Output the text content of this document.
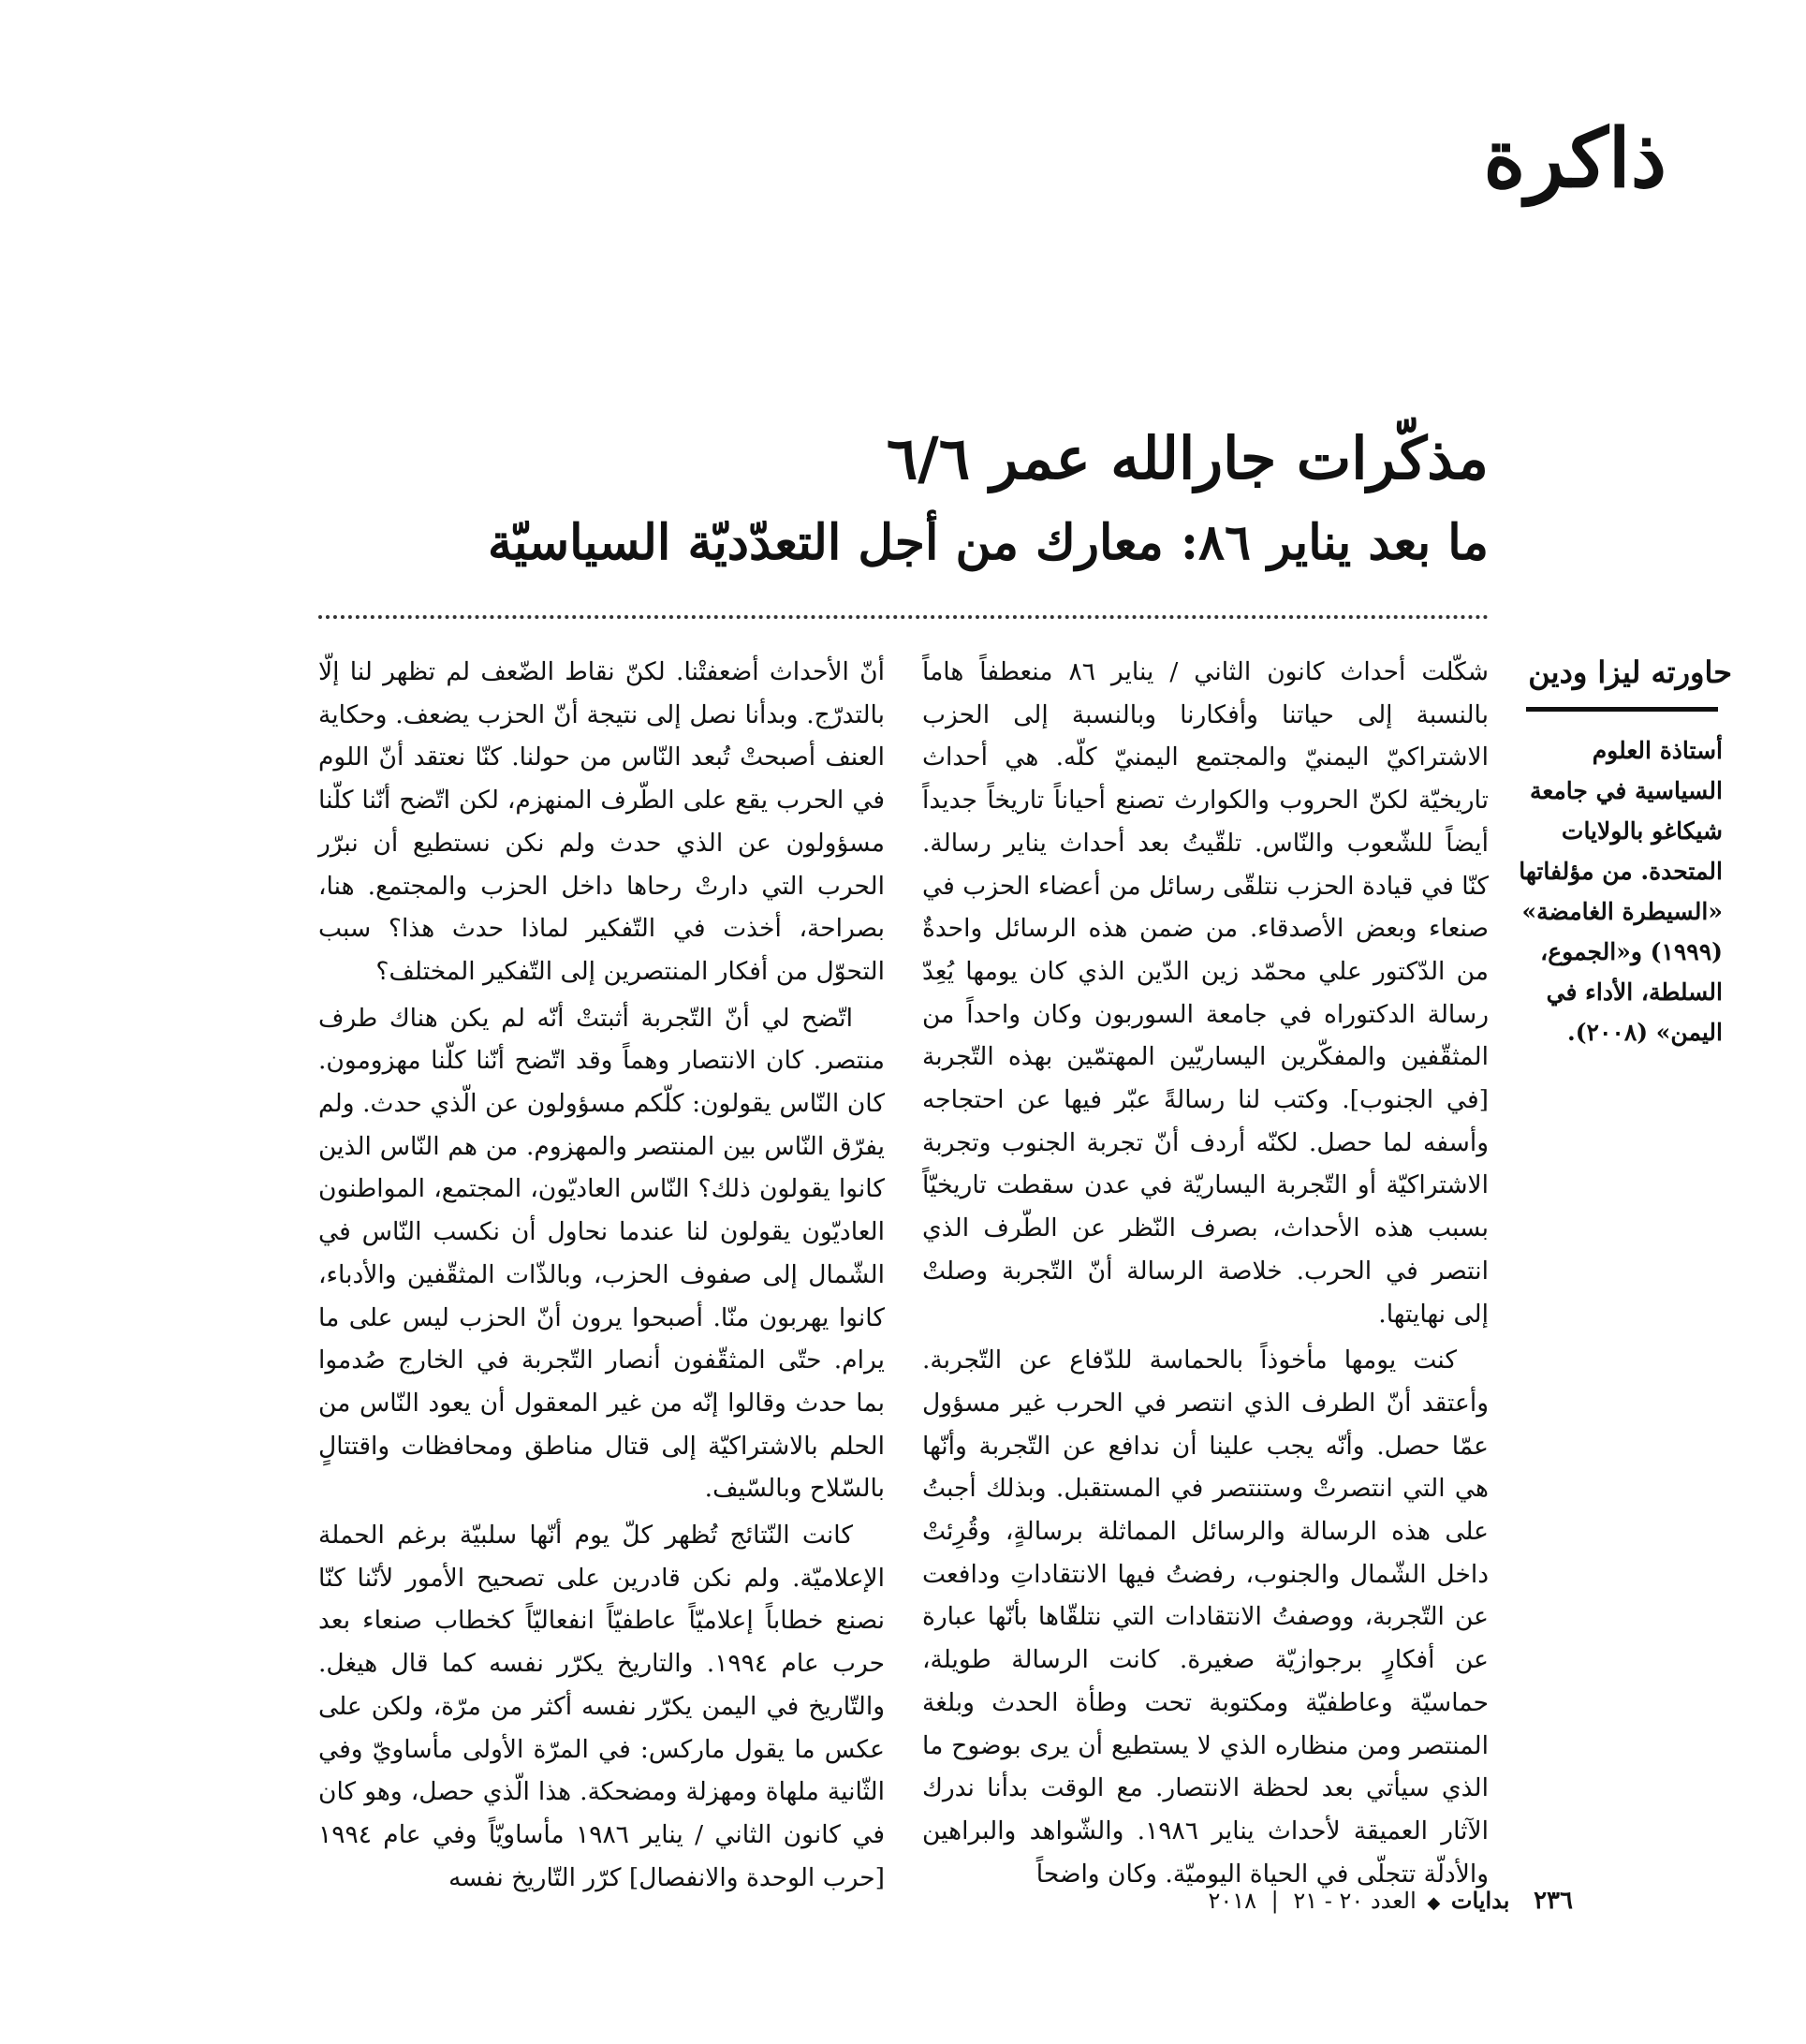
ذاكرة
مذكّرات جارالله عمر ٦/٦
ما بعد يناير ٨٦: معارك من أجل التعدّديّة السياسيّة
حاورته ليزا ودين
أستاذة العلوم السياسية في جامعة شيكاغو بالولايات المتحدة. من مؤلفاتها «السيطرة الغامضة» (١٩٩٩) و«الجموع، السلطة، الأداء في اليمن» (٢٠٠٨).

شكّلت أحداث كانون الثاني / يناير ٨٦ منعطفاً هاماً بالنسبة إلى حياتنا وأفكارنا وبالنسبة إلى الحزب الاشتراكيّ اليمنيّ والمجتمع اليمنيّ كلّه. هي أحداث تاريخيّة لكنّ الحروب والكوارث تصنع أحياناً تاريخاً جديداً أيضاً للشّعوب والنّاس. تلقّيتُ بعد أحداث يناير رسالة. كنّا في قيادة الحزب نتلقّى رسائل من أعضاء الحزب في صنعاء وبعض الأصدقاء. من ضمن هذه الرسائل واحدةٌ من الدّكتور علي محمّد زين الدّين الذي كان يومها يُعِدّ رسالة الدكتوراه في جامعة السوربون وكان واحداً من المثقّفين والمفكّرين اليساريّين المهتمّين بهذه التّجربة [في الجنوب]. وكتب لنا رسالةً عبّر فيها عن احتجاجه وأسفه لما حصل. لكنّه أردف أنّ تجربة الجنوب وتجربة الاشتراكيّة أو التّجربة اليساريّة في عدن سقطت تاريخيّاً بسبب هذه الأحداث، بصرف النّظر عن الطّرف الذي انتصر في الحرب. خلاصة الرسالة أنّ التّجربة وصلتْ إلى نهايتها.

كنت يومها مأخوذاً بالحماسة للدّفاع عن التّجربة. وأعتقد أنّ الطرف الذي انتصر في الحرب غير مسؤول عمّا حصل. وأنّه يجب علينا أن ندافع عن التّجربة وأنّها هي التي انتصرتْ وستنتصر في المستقبل. وبذلك أجبتُ على هذه الرسالة والرسائل المماثلة برسالةٍ، وقُرِئتْ داخل الشّمال والجنوب، رفضتُ فيها الانتقاداتِ ودافعت عن التّجربة، ووصفتُ الانتقادات التي نتلقّاها بأنّها عبارة عن أفكارٍ برجوازيّة صغيرة. كانت الرسالة طويلة، حماسيّة وعاطفيّة ومكتوبة تحت وطأة الحدث وبلغة المنتصر ومن منظاره الذي لا يستطيع أن يرى بوضوح ما الذي سيأتي بعد لحظة الانتصار. مع الوقت بدأنا ندرك الآثار العميقة لأحداث يناير ١٩٨٦. والشّواهد والبراهين والأدلّة تتجلّى في الحياة اليوميّة. وكان واضحاً

أنّ الأحداث أضعفتْنا. لكنّ نقاط الضّعف لم تظهر لنا إلّا بالتدرّج. وبدأنا نصل إلى نتيجة أنّ الحزب يضعف. وحكاية العنف أصبحتْ تُبعد النّاس من حولنا. كنّا نعتقد أنّ اللوم في الحرب يقع على الطّرف المنهزم، لكن اتّضح أنّنا كلّنا مسؤولون عن الذي حدث ولم نكن نستطيع أن نبرّر الحرب التي دارتْ رحاها داخل الحزب والمجتمع. هنا، بصراحة، أخذت في التّفكير لماذا حدث هذا؟ سبب التحوّل من أفكار المنتصرين إلى التّفكير المختلف؟

اتّضح لي أنّ التّجربة أثبتتْ أنّه لم يكن هناك طرف منتصر. كان الانتصار وهماً وقد اتّضح أنّنا كلّنا مهزومون. كان النّاس يقولون: كلّكم مسؤولون عن الّذي حدث. ولم يفرّق النّاس بين المنتصر والمهزوم. من هم النّاس الذين كانوا يقولون ذلك؟ النّاس العاديّون، المجتمع، المواطنون العاديّون يقولون لنا عندما نحاول أن نكسب النّاس في الشّمال إلى صفوف الحزب، وبالذّات المثقّفين والأدباء، كانوا يهربون منّا. أصبحوا يرون أنّ الحزب ليس على ما يرام. حتّى المثقّفون أنصار التّجربة في الخارج صُدموا بما حدث وقالوا إنّه من غير المعقول أن يعود النّاس من الحلم بالاشتراكيّة إلى قتال مناطق ومحافظات واقتتالٍ بالسّلاح وبالسّيف.

كانت النّتائج تُظهر كلّ يوم أنّها سلبيّة برغم الحملة الإعلاميّة. ولم نكن قادرين على تصحيح الأمور لأنّنا كنّا نصنع خطاباً إعلاميّاً عاطفيّاً انفعاليّاً كخطاب صنعاء بعد حرب عام ١٩٩٤. والتاريخ يكرّر نفسه كما قال هيغل. والتّاريخ في اليمن يكرّر نفسه أكثر من مرّة، ولكن على عكس ما يقول ماركس: في المرّة الأولى مأساويّ وفي الثّانية ملهاة ومهزلة ومضحكة. هذا الّذي حصل، وهو كان في كانون الثاني / يناير ١٩٨٦ مأساويّاً وفي عام ١٩٩٤ [حرب الوحدة والانفصال] كرّر التّاريخ نفسه

٢٣٦ بدايات ◆ العدد ٢٠ - ٢١ | ٢٠١٨
